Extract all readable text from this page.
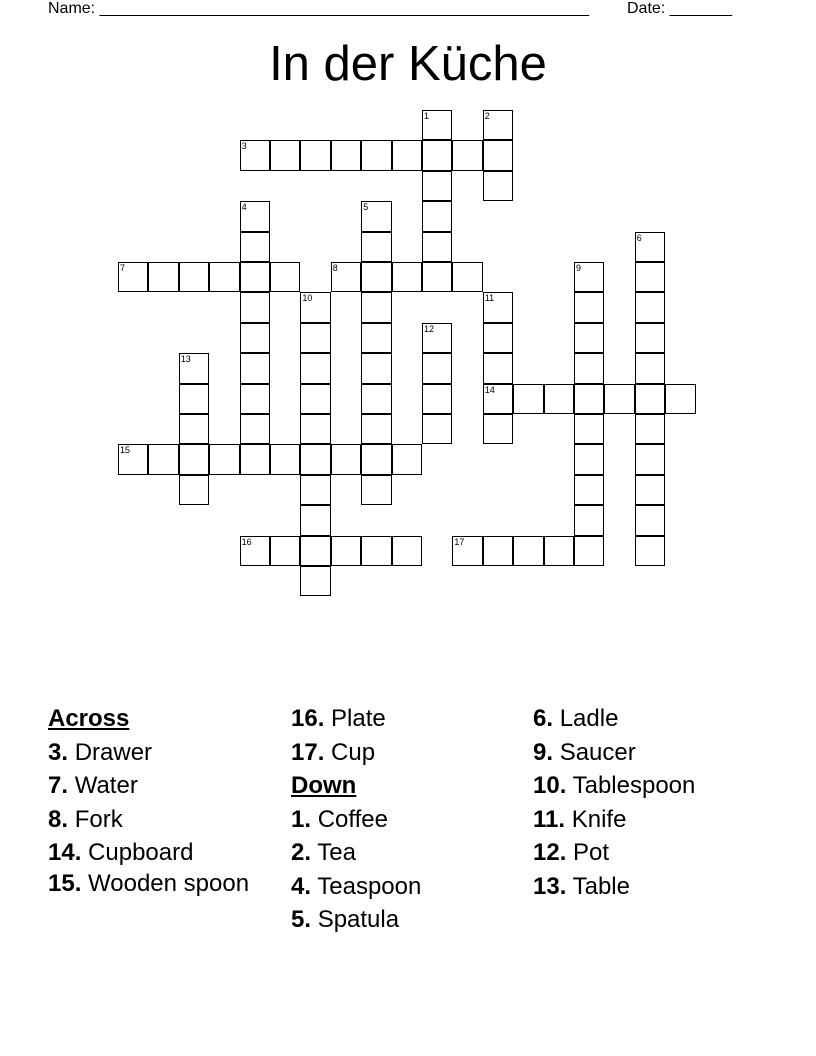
Name: _______________________________________________________ Date: _______
In der Küche
3
7	8
14
15
16	17
1	2
4	5
6
9
10	11
12
13
Across
3. Drawer
7. Water
8. Fork
14. Cupboard
15. Wooden spoon
16. Plate
17. Cup
Down
1. Coffee
2. Tea
4. Teaspoon
5. Spatula
6. Ladle
9. Saucer
10. Tablespoon
11. Knife
12. Pot
13. Table
